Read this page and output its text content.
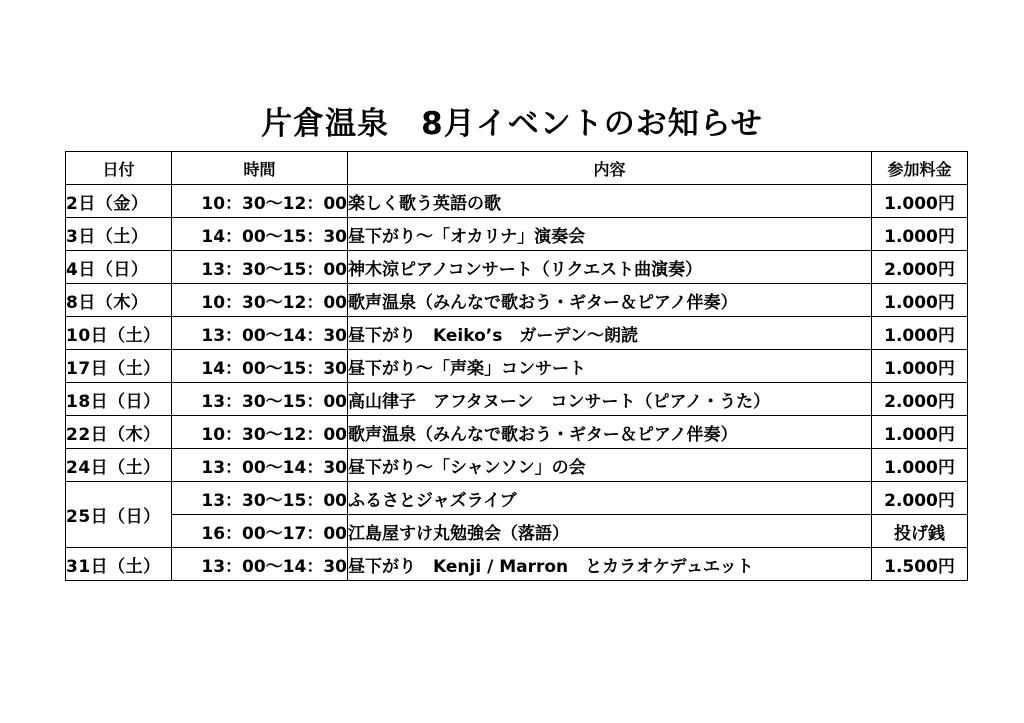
片倉温泉　8月イベントのお知らせ
日付	時間	内容	参加料金
2日（金）	10：30〜12：00	楽しく歌う英語の歌	1.000円
3日（土）	14：00〜15：30	昼下がり〜「オカリナ」演奏会	1.000円
4日（日）	13：30〜15：00	神木涼ピアノコンサート（リクエスト曲演奏）	2.000円
8日（木）	10：30〜12：00	歌声温泉（みんなで歌おう・ギター＆ピアノ伴奏）	1.000円
10日（土）	13：00〜14：30	昼下がり　Keiko’s　ガーデン〜朗読	1.000円
17日（土）	14：00〜15：30	昼下がり〜「声楽」コンサート	1.000円
18日（日）	13：30〜15：00	高山律子　アフタヌーン　コンサート（ピアノ・うた）	2.000円
22日（木）	10：30〜12：00	歌声温泉（みんなで歌おう・ギター＆ピアノ伴奏）	1.000円
24日（土）	13：00〜14：30	昼下がり〜「シャンソン」の会	1.000円
25日（日）	13：30〜15：00	ふるさとジャズライブ	2.000円
	16：00〜17：00	江島屋すけ丸勉強会（落語）	投げ銭
31日（土）	13：00〜14：30	昼下がり　Kenji / Marron　とカラオケデュエット	1.500円
